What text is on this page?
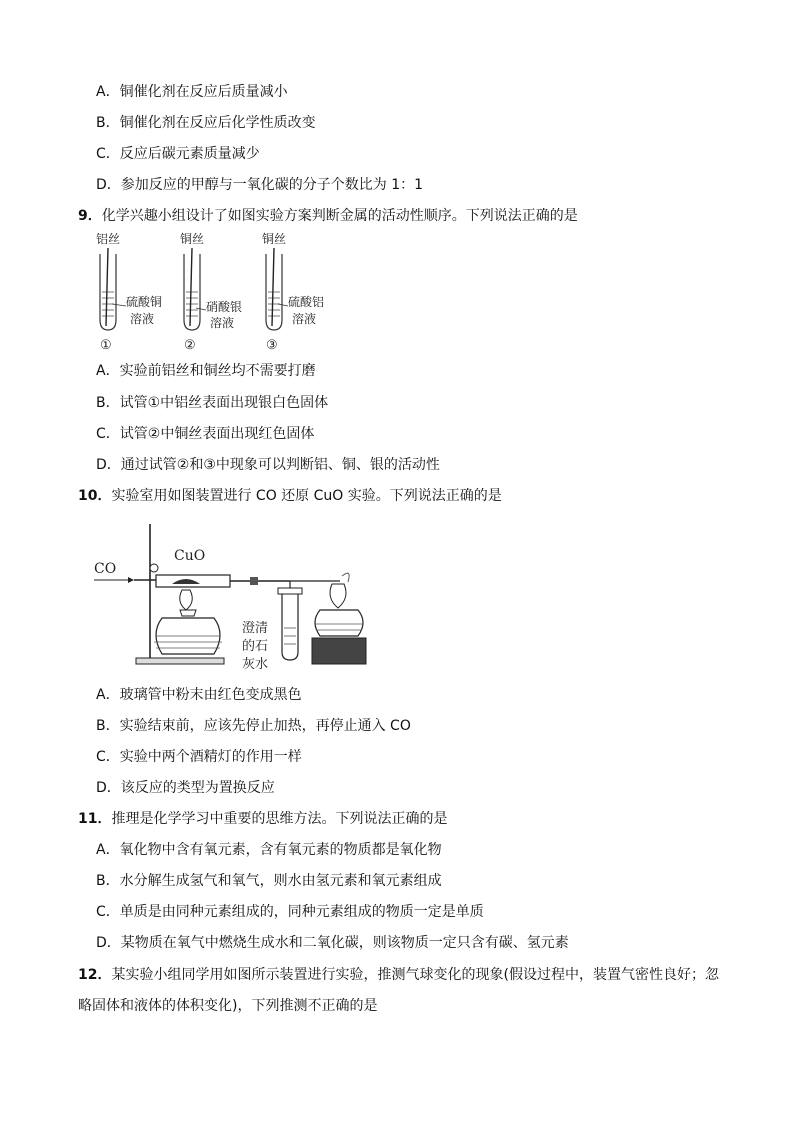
A．铜催化剂在反应后质量减小
B．铜催化剂在反应后化学性质改变
C．反应后碳元素质量减少
D．参加反应的甲醇与一氧化碳的分子个数比为 1：1
9．化学兴趣小组设计了如图实验方案判断金属的活动性顺序。下列说法正确的是
铝丝
硫酸铜
溶液
①
铜丝
硝酸银
溶液
②
铜丝
硫酸铝
溶液
③
A．实验前铝丝和铜丝均不需要打磨
B．试管①中铝丝表面出现银白色固体
C．试管②中铜丝表面出现红色固体
D．通过试管②和③中现象可以判断铝、铜、银的活动性
10．实验室用如图装置进行 CO 还原 CuO 实验。下列说法正确的是
CO
CuO
澄清
的石
灰水
A．玻璃管中粉末由红色变成黑色
B．实验结束前，应该先停止加热，再停止通入 CO
C．实验中两个酒精灯的作用一样
D．该反应的类型为置换反应
11．推理是化学学习中重要的思维方法。下列说法正确的是
A．氧化物中含有氧元素，含有氧元素的物质都是氧化物
B．水分解生成氢气和氧气，则水由氢元素和氧元素组成
C．单质是由同种元素组成的，同种元素组成的物质一定是单质
D．某物质在氧气中燃烧生成水和二氧化碳，则该物质一定只含有碳、氢元素
12．某实验小组同学用如图所示装置进行实验，推测气球变化的现象(假设过程中，装置气密性良好；忽
略固体和液体的体积变化)，下列推测不正确的是
